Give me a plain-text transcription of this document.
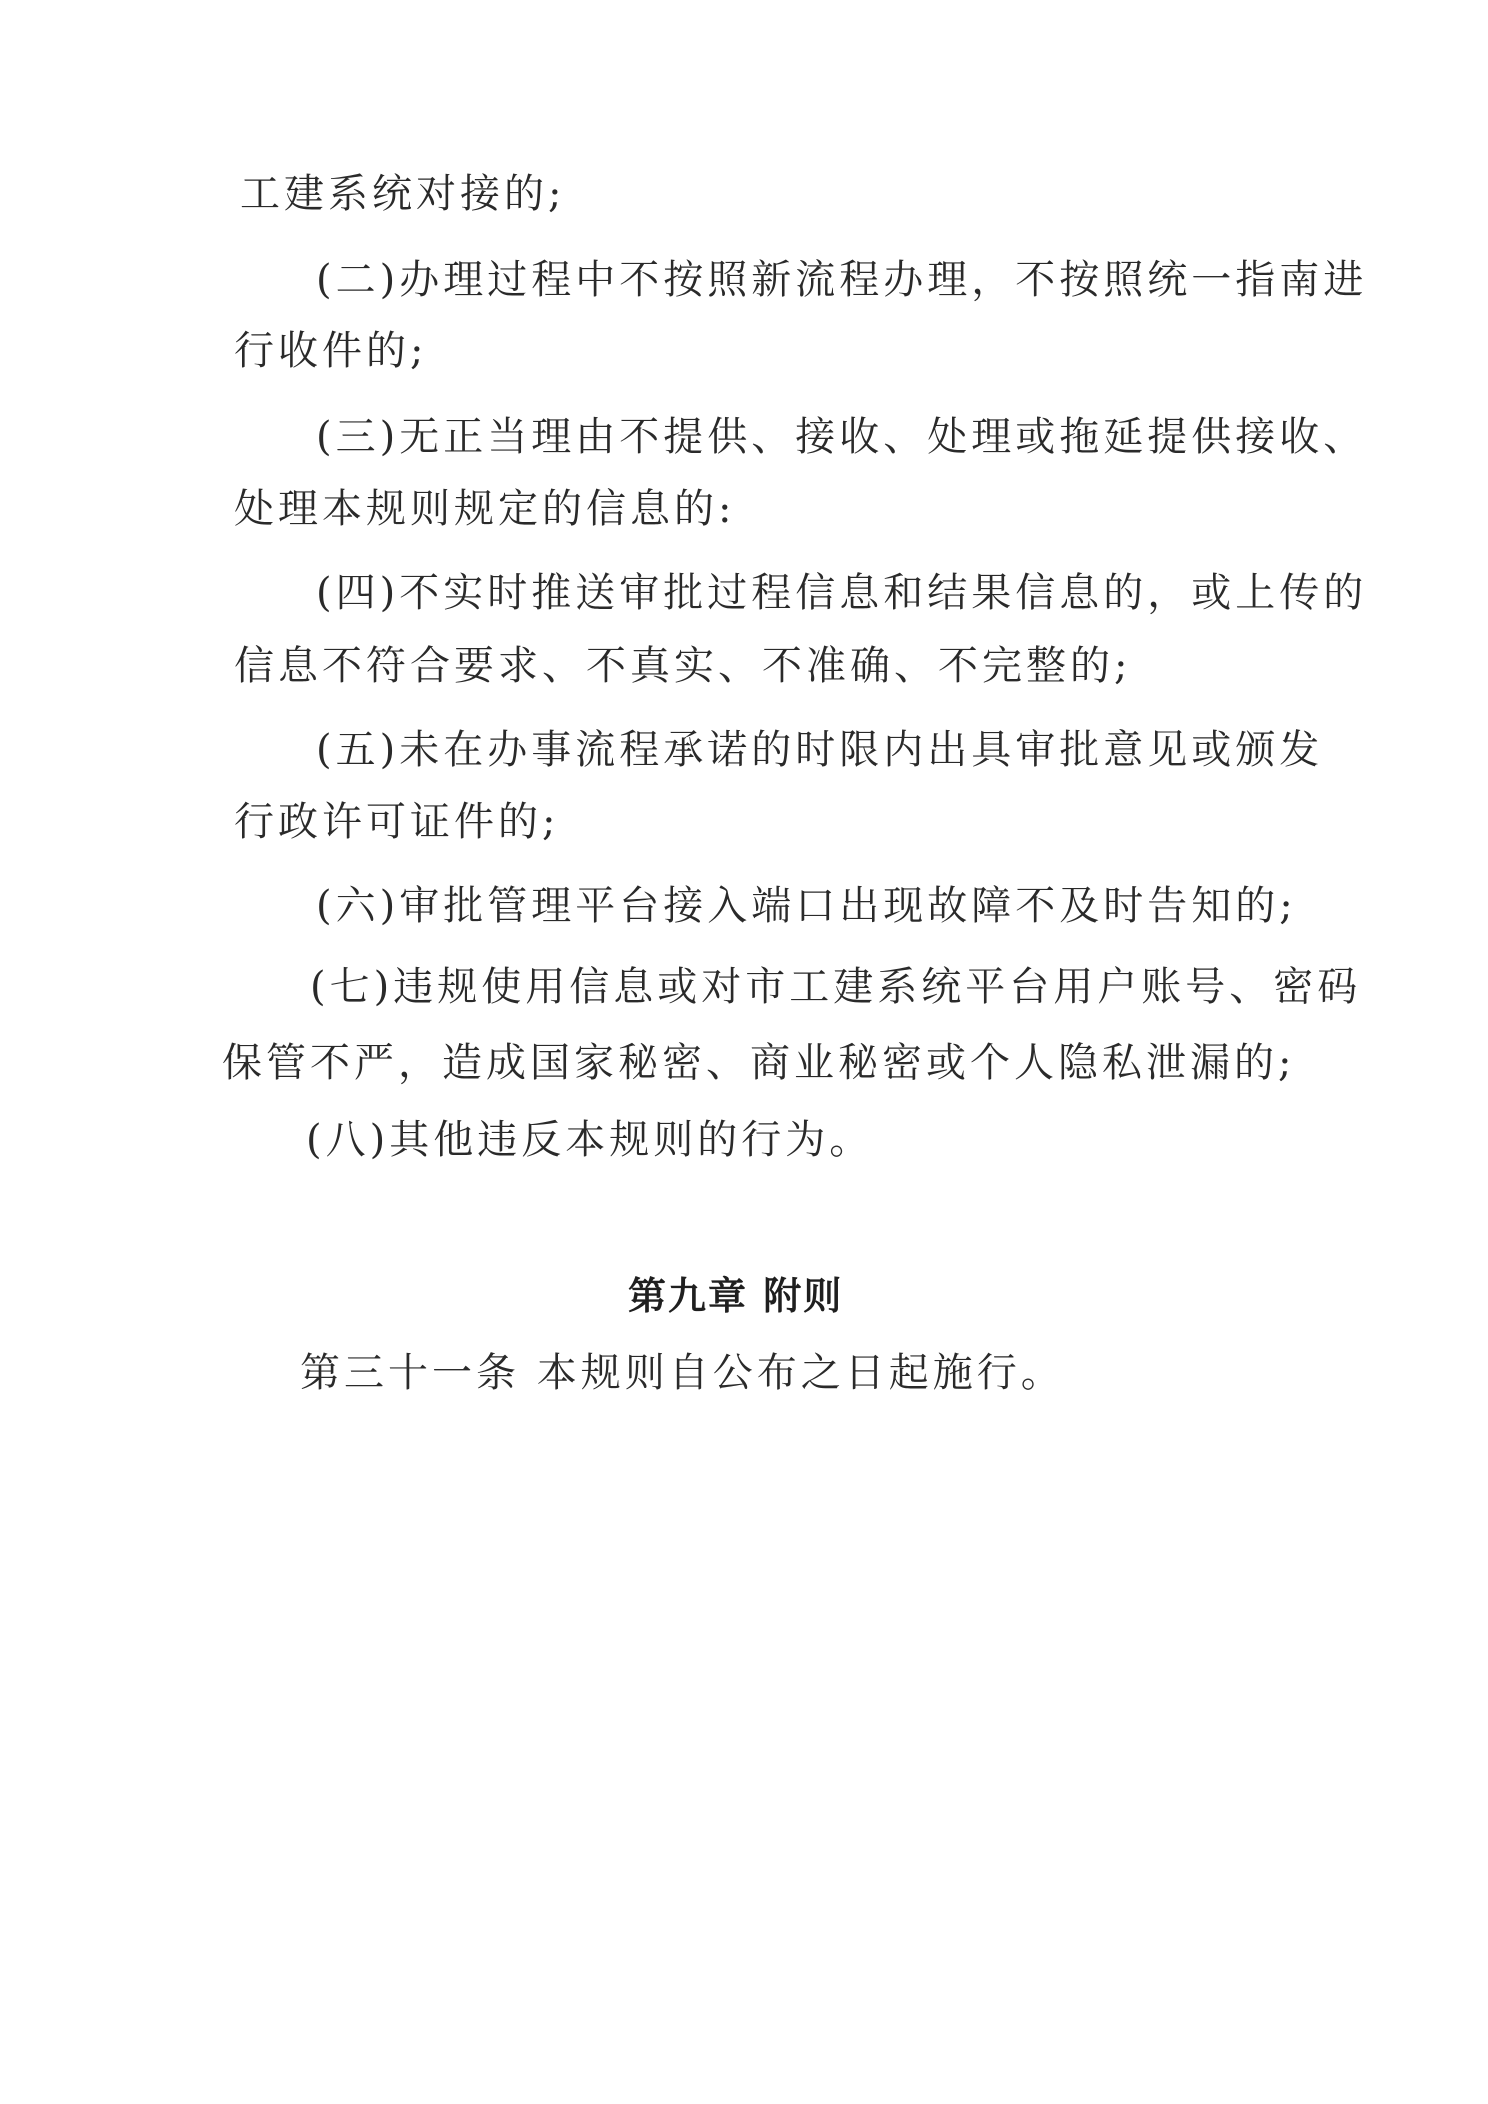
工建系统对接的;
(二)办理过程中不按照新流程办理，不按照统一指南进
行收件的;
(三)无正当理由不提供、接收、处理或拖延提供接收、
处理本规则规定的信息的:
(四)不实时推送审批过程信息和结果信息的，或上传的
信息不符合要求、不真实、不准确、不完整的;
(五)未在办事流程承诺的时限内出具审批意见或颁发
行政许可证件的;
(六)审批管理平台接入端口出现故障不及时告知的;
(七)违规使用信息或对市工建系统平台用户账号、密码
保管不严，造成国家秘密、商业秘密或个人隐私泄漏的;
(八)其他违反本规则的行为。
第九章 附则
第三十一条 本规则自公布之日起施行。
